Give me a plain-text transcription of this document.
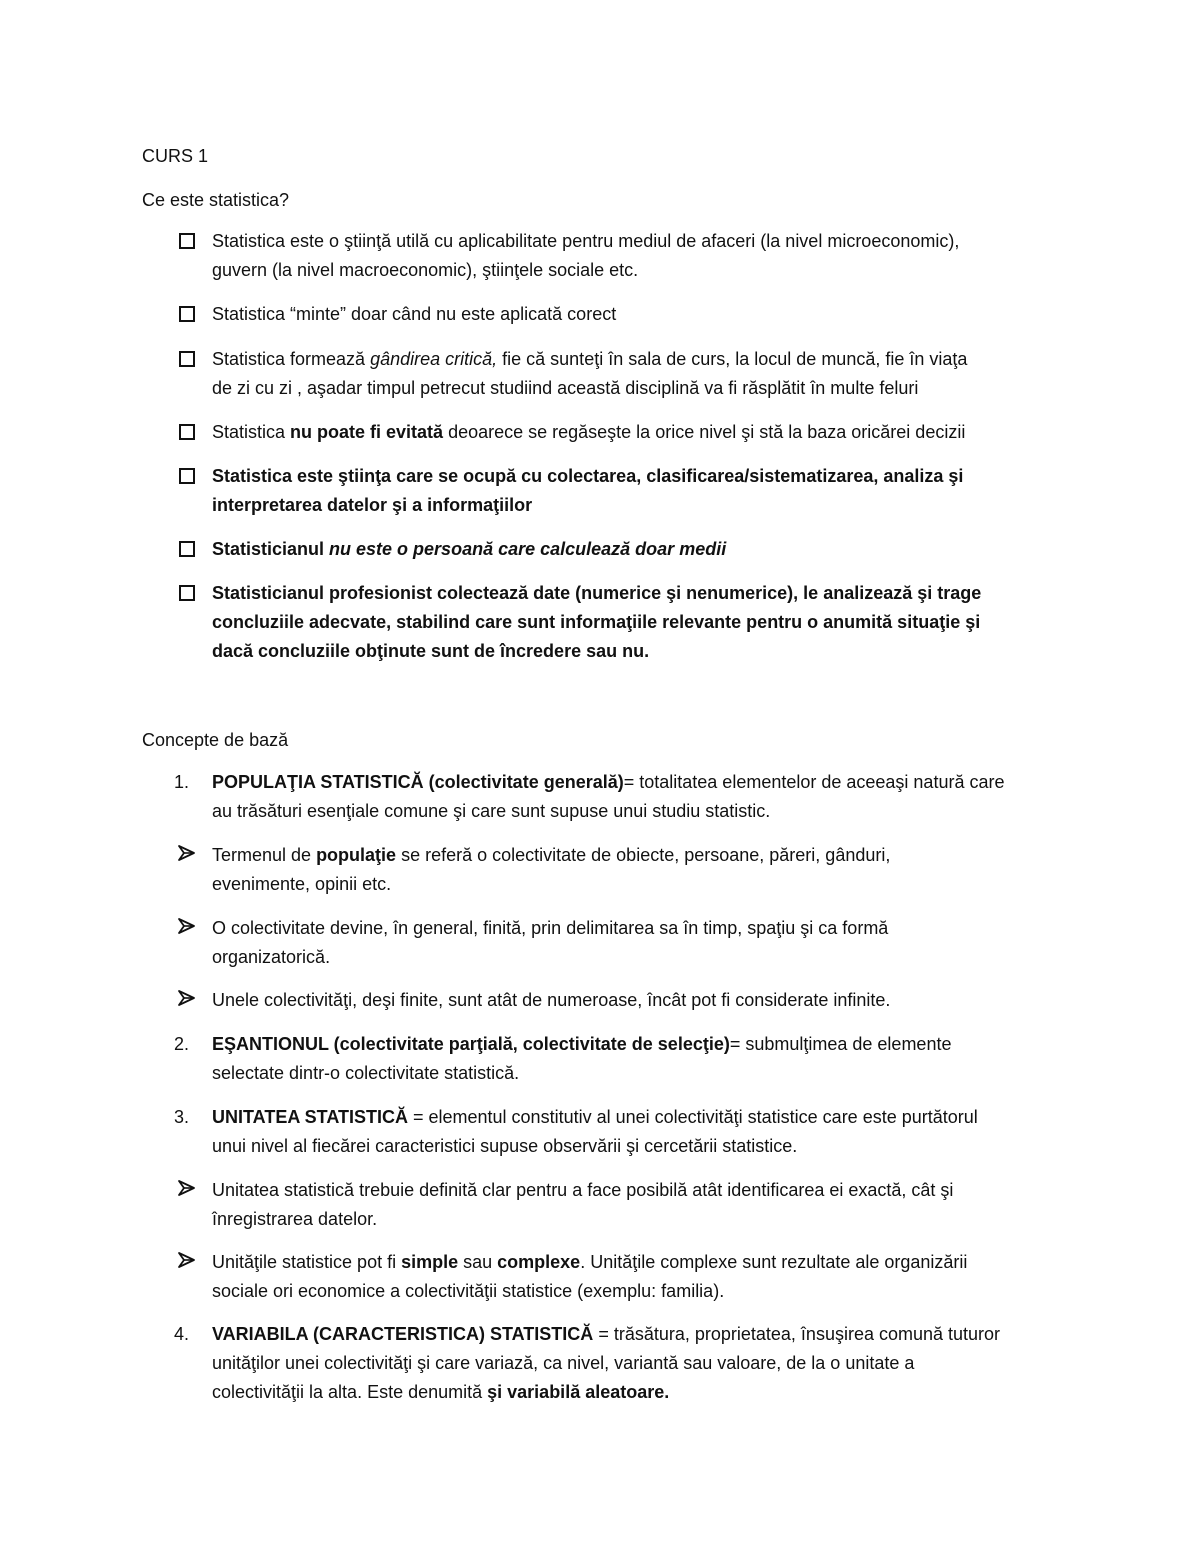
CURS 1
Ce este statistica?
Statistica este o ştiinţă utilă cu aplicabilitate pentru mediul de afaceri (la nivel microeconomic),
guvern (la nivel macroeconomic), ştiinţele sociale etc.
Statistica “minte” doar când nu este aplicată corect
Statistica formează gândirea critică, fie că sunteţi în sala de curs, la locul de muncă, fie în viaţa
de zi cu zi , aşadar timpul petrecut studiind această disciplină va fi răsplătit în multe feluri
Statistica nu poate fi evitată deoarece se regăseşte la orice nivel şi stă la baza oricărei decizii
Statistica este ştiinţa care se ocupă cu colectarea, clasificarea/sistematizarea, analiza şi
interpretarea datelor şi a informaţiilor
Statisticianul nu este o persoană care calculează doar medii
Statisticianul profesionist colectează date (numerice şi nenumerice), le analizează şi trage
concluziile adecvate, stabilind care sunt informaţiile relevante pentru o anumită situaţie şi
dacă concluziile obţinute sunt de încredere sau nu.
Concepte de bază
1. POPULAŢIA STATISTICĂ (colectivitate generală)= totalitatea elementelor de aceeaşi natură care
au trăsături esenţiale comune şi care sunt supuse unui studiu statistic.
Termenul de populaţie se referă o colectivitate de obiecte, persoane, păreri, gânduri,
evenimente, opinii etc.
O colectivitate devine, în general, finită, prin delimitarea sa în timp, spaţiu şi ca formă
organizatorică.
Unele colectivităţi, deşi finite, sunt atât de numeroase, încât pot fi considerate infinite.
2. EŞANTIONUL (colectivitate parţială, colectivitate de selecţie)= submulţimea de elemente
selectate dintr-o colectivitate statistică.
3. UNITATEA STATISTICĂ = elementul constitutiv al unei colectivităţi statistice care este purtătorul
unui nivel al fiecărei caracteristici supuse observării şi cercetării statistice.
Unitatea statistică trebuie definită clar pentru a face posibilă atât identificarea ei exactă, cât şi
înregistrarea datelor.
Unităţile statistice pot fi simple sau complexe. Unităţile complexe sunt rezultate ale organizării
sociale ori economice a colectivităţii statistice (exemplu: familia).
4. VARIABILA (CARACTERISTICA) STATISTICĂ = trăsătura, proprietatea, însuşirea comună tuturor
unităţilor unei colectivităţi şi care variază, ca nivel, variantă sau valoare, de la o unitate a
colectivităţii la alta. Este denumită şi variabilă aleatoare.
